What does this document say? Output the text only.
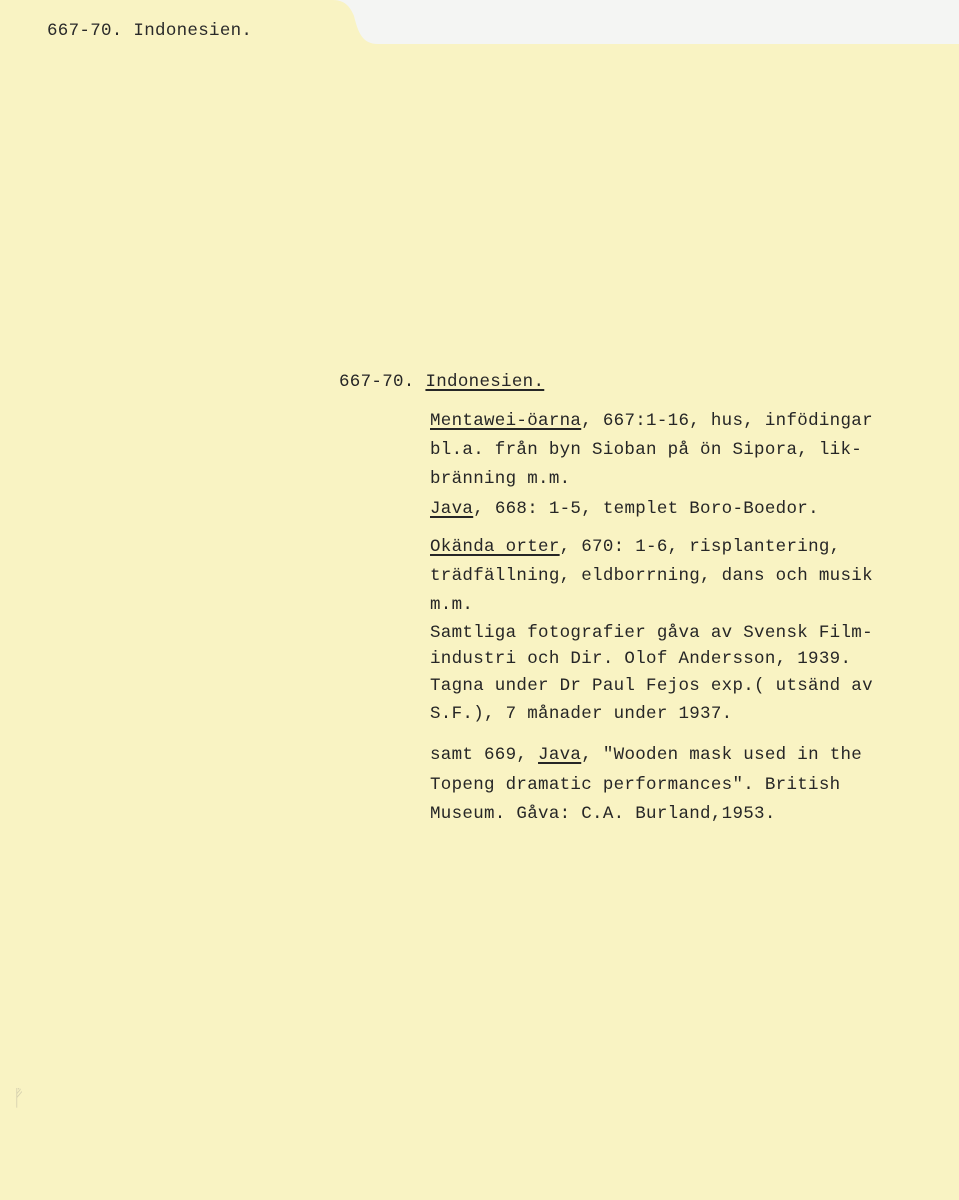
667-70. Indonesien.
667-70. Indonesien.
Mentawei-öarna, 667:1-16, hus, infödingar
bl.a. från byn Sioban på ön Sipora, lik-
bränning m.m.
Java, 668: 1-5, templet Boro-Boedor.
Okända orter, 670: 1-6, risplantering,
trädfällning, eldborrning, dans och musik
m.m.
Samtliga fotografier gåva av Svensk Film-
industri och Dir. Olof Andersson, 1939.
Tagna under Dr Paul Fejos exp.( utsänd av
S.F.), 7 månader under 1937.
samt 669, Java, "Wooden mask used in the
Topeng dramatic performances". British
Museum. Gåva: C.A. Burland,1953.
ᚡ
